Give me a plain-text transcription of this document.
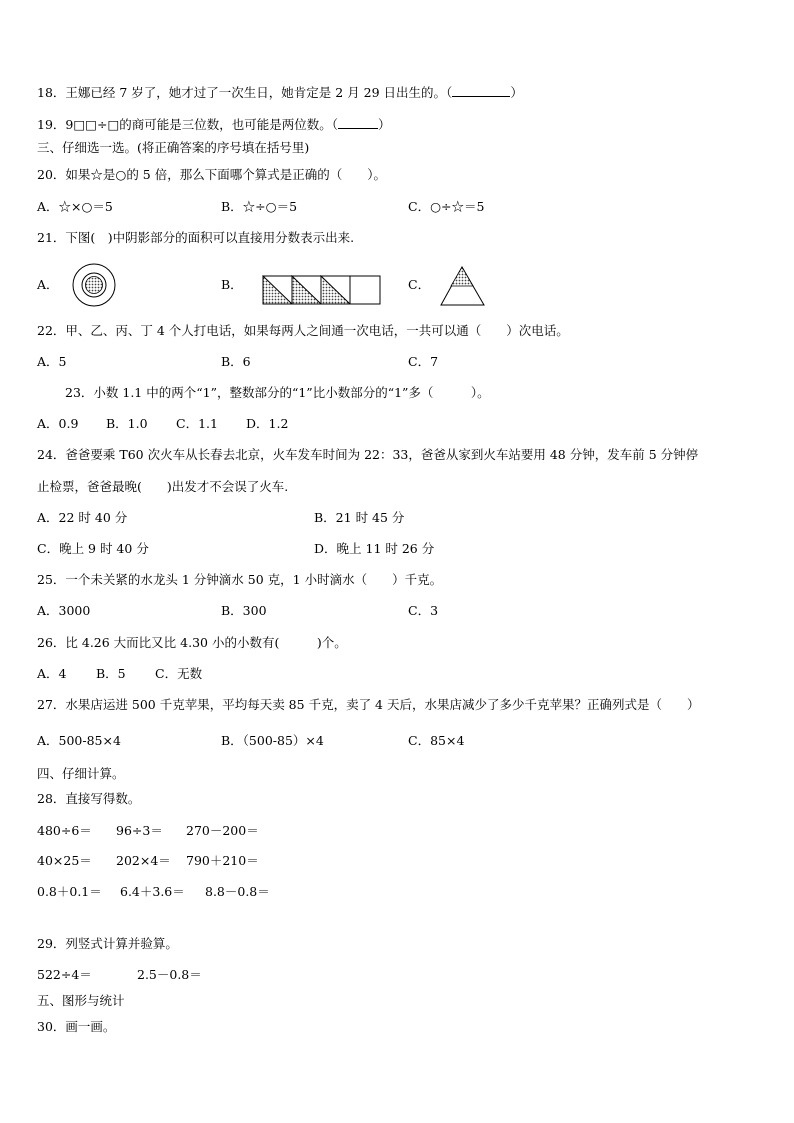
18．王娜已经 7 岁了，她才过了一次生日，她肯定是 2 月 29 日出生的。（	）
19．9□□÷□的商可能是三位数，也可能是两位数。（	）
三、仔细选一选。(将正确答案的序号填在括号里)
20．如果☆是○的 5 倍，那么下面哪个算式是正确的（　　）。
A．☆×○＝5	B．☆÷○＝5	C．○÷☆＝5
21．下图(　)中阴影部分的面积可以直接用分数表示出来.
A．	B．	C．
22．甲、乙、丙、丁 4 个人打电话，如果每两人之间通一次电话，一共可以通（　　）次电话。
A．5	B．6	C．7
23．小数 1.1 中的两个“1”，整数部分的“1”比小数部分的“1”多（　　　）。
A．0.9 B．1.0 C．1.1 D．1.2
24．爸爸要乘 T60 次火车从长春去北京，火车发车时间为 22：33，爸爸从家到火车站要用 48 分钟，发车前 5 分钟停
止检票，爸爸最晚(　　)出发才不会误了火车.
A．22 时 40 分	B．21 时 45 分
C．晚上 9 时 40 分	D．晚上 11 时 26 分
25．一个未关紧的水龙头 1 分钟滴水 50 克，1 小时滴水（　　）千克。
A．3000	B．300	C．3
26．比 4.26 大而比又比 4.30 小的小数有(　　　)个。
A．4 B．5 C．无数
27．水果店运进 500 千克苹果，平均每天卖 85 千克，卖了 4 天后，水果店减少了多少千克苹果？正确列式是（　　）
A．500-85×4	B．（500-85）×4	C．85×4
四、仔细计算。
28．直接写得数。
480÷6＝ 96÷3＝ 270－200＝
40×25＝ 202×4＝ 790＋210＝
0.8＋0.1＝ 6.4＋3.6＝ 8.8－0.8＝
29．列竖式计算并验算。
522÷4＝	2.5－0.8＝
五、图形与统计
30．画一画。
